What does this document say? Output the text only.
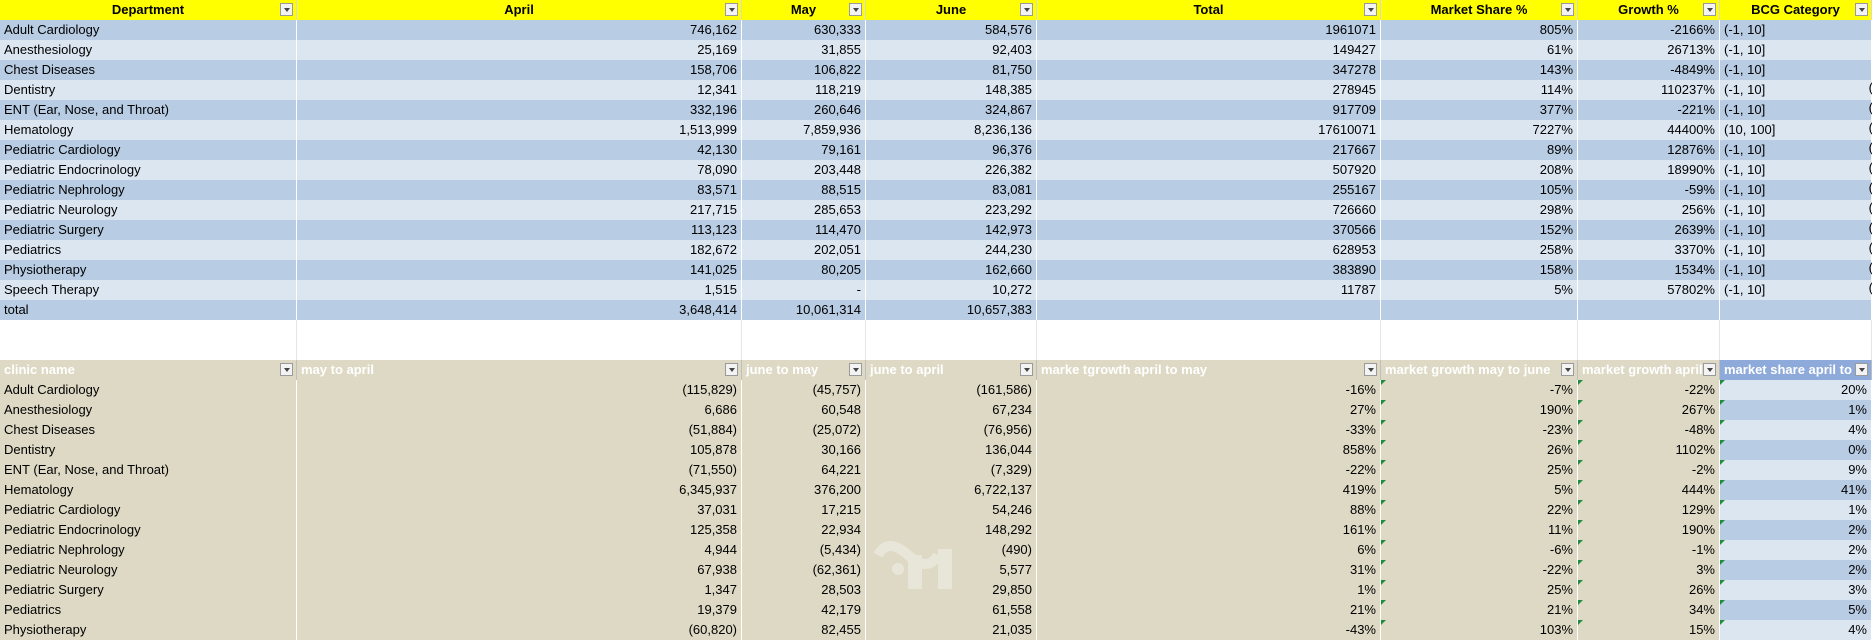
Department	April	May	June	Total	Market Share %	Growth %	BCG Category
Adult Cardiology	746,162	630,333	584,576	1961071	805%	-2166% (-1, 10]
Anesthesiology	25,169	31,855	92,403	149427	61%	26713% (-1, 10]
Chest Diseases	158,706	106,822	81,750	347278	143%	-4849% (-1, 10]
Dentistry	12,341	118,219	148,385	278945	114%	110237% (-1, 10]
(
ENT (Ear, Nose, and Throat)	332,196	260,646	324,867	917709	377%	-221% (-1, 10]
(
Hematology	1,513,999	7,859,936	8,236,136	17610071	7227%	44400% (10, 100]
(
Pediatric Cardiology	42,130	79,161	96,376	217667	89%	12876% (-1, 10]
(
Pediatric Endocrinology	78,090	203,448	226,382	507920	208%	18990% (-1, 10]
(
Pediatric Nephrology	83,571	88,515	83,081	255167	105%	-59% (-1, 10]
(
Pediatric Neurology	217,715	285,653	223,292	726660	298%	256% (-1, 10]
(
Pediatric Surgery	113,123	114,470	142,973	370566	152%	2639% (-1, 10]
(
Pediatrics	182,672	202,051	244,230	628953	258%	3370% (-1, 10]
(
Physiotherapy	141,025	80,205	162,660	383890	158%	1534% (-1, 10]
(
Speech Therapy	1,515	-	10,272	11787	5%	57802% (-1, 10]
(
total	3,648,414	10,061,314	10,657,383
clinic name	may to april	june to may	june to april	marke tgrowth april to may	market growth may to june	market growth april	market share april to
Adult Cardiology	(115,829)	(45,757)	(161,586)	-16%	-7%	-22%	20%
Anesthesiology	6,686	60,548	67,234	27%	190%	267%	1%
Chest Diseases	(51,884)	(25,072)	(76,956)	-33%	-23%	-48%	4%
Dentistry	105,878	30,166	136,044	858%	26%	1102%	0%
ENT (Ear, Nose, and Throat)	(71,550)	64,221	(7,329)	-22%	25%	-2%	9%
Hematology	6,345,937	376,200	6,722,137	419%	5%	444%	41%
Pediatric Cardiology	37,031	17,215	54,246	88%	22%	129%	1%
Pediatric Endocrinology	125,358	22,934	148,292	161%	11%	190%	2%
Pediatric Nephrology	4,944	(5,434)	(490)	6%	-6%	-1%	2%
Pediatric Neurology	67,938	(62,361)	5,577	31%	-22%	3%	2%
Pediatric Surgery	1,347	28,503	29,850	1%	25%	26%	3%
Pediatrics	19,379	42,179	61,558	21%	21%	34%	5%
Physiotherapy	(60,820)	82,455	21,035	-43%	103%	15%	4%
